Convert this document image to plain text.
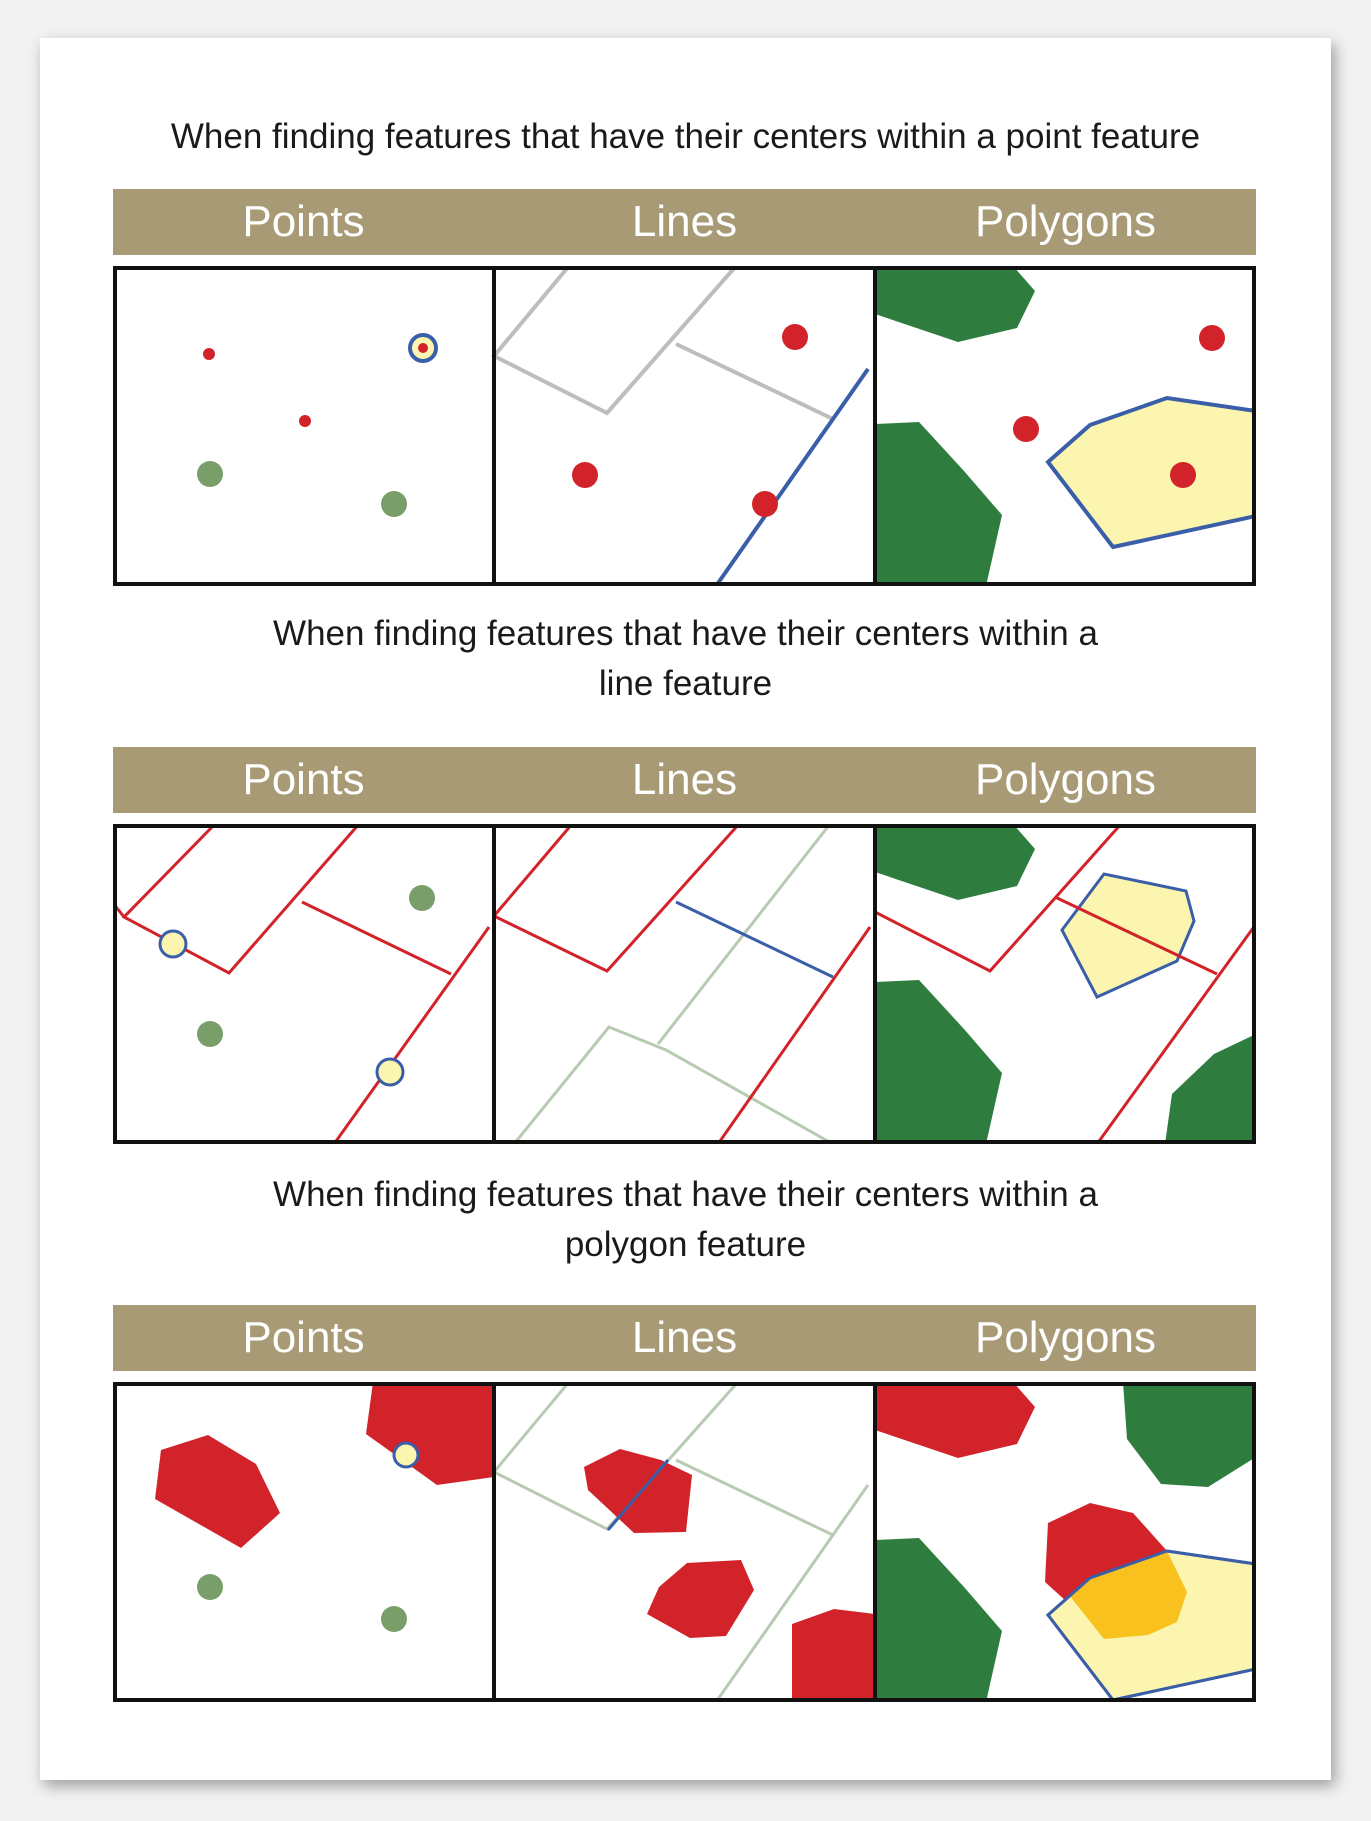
When finding features that have their centers within a point feature
Points	Lines	Polygons
When finding features that have their centers within a
line feature
Points	Lines	Polygons
When finding features that have their centers within a
polygon feature
Points	Lines	Polygons
